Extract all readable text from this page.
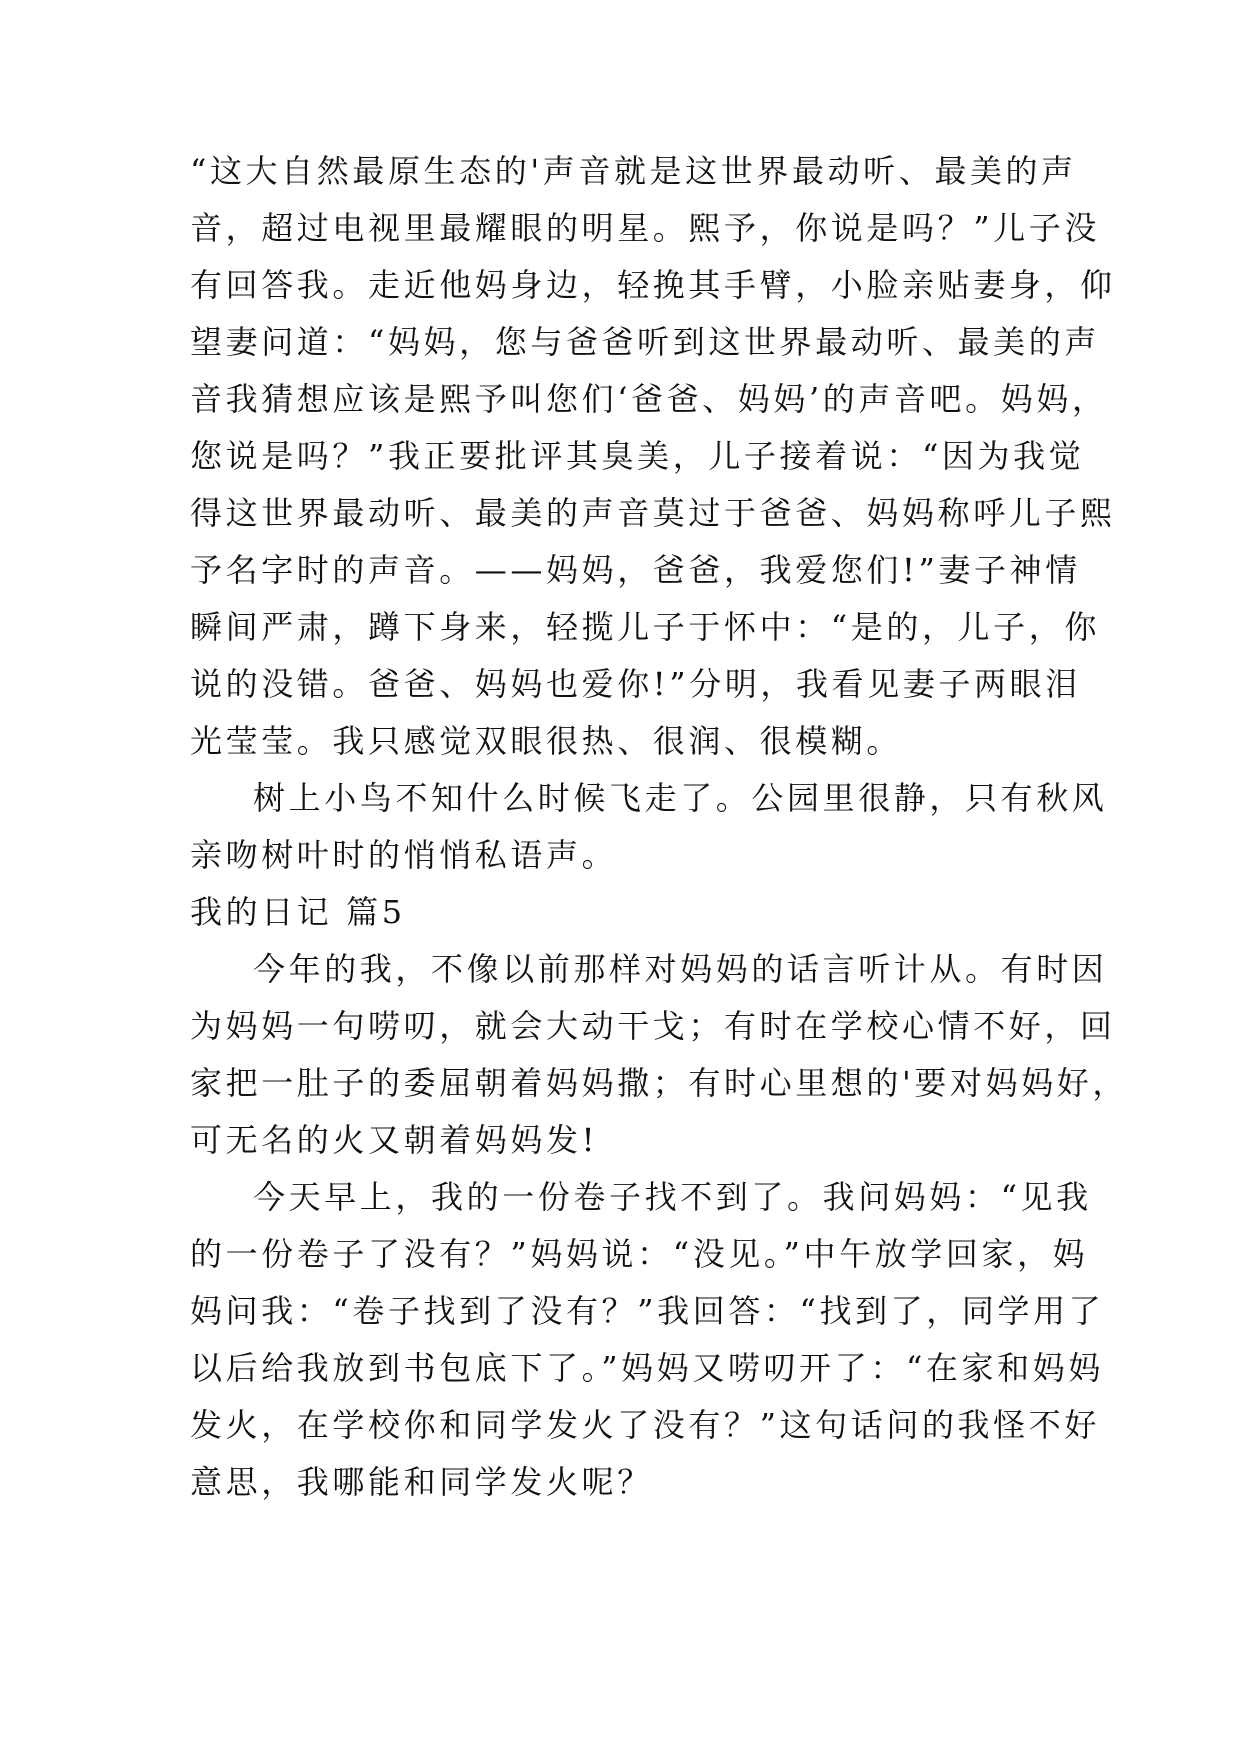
“这大自然最原生态的'声音就是这世界最动听、最美的声
音，超过电视里最耀眼的明星。熙予，你说是吗？”儿子没
有回答我。走近他妈身边，轻挽其手臂，小脸亲贴妻身，仰
望妻问道：“妈妈，您与爸爸听到这世界最动听、最美的声
音我猜想应该是熙予叫您们‘爸爸、妈妈’的声音吧。妈妈，
您说是吗？”我正要批评其臭美，儿子接着说：“因为我觉
得这世界最动听、最美的声音莫过于爸爸、妈妈称呼儿子熙
予名字时的声音。——妈妈，爸爸，我爱您们!”妻子神情
瞬间严肃，蹲下身来，轻揽儿子于怀中：“是的，儿子，你
说的没错。爸爸、妈妈也爱你!”分明，我看见妻子两眼泪
光莹莹。我只感觉双眼很热、很润、很模糊。
树上小鸟不知什么时候飞走了。公园里很静，只有秋风
亲吻树叶时的悄悄私语声。
我的日记 篇5
今年的我，不像以前那样对妈妈的话言听计从。有时因
为妈妈一句唠叨，就会大动干戈；有时在学校心情不好，回
家把一肚子的委屈朝着妈妈撒；有时心里想的'要对妈妈好，
可无名的火又朝着妈妈发!
今天早上，我的一份卷子找不到了。我问妈妈：“见我
的一份卷子了没有？”妈妈说：“没见。”中午放学回家，妈
妈问我：“卷子找到了没有？”我回答：“找到了，同学用了
以后给我放到书包底下了。”妈妈又唠叨开了：“在家和妈妈
发火，在学校你和同学发火了没有？”这句话问的我怪不好
意思，我哪能和同学发火呢？
